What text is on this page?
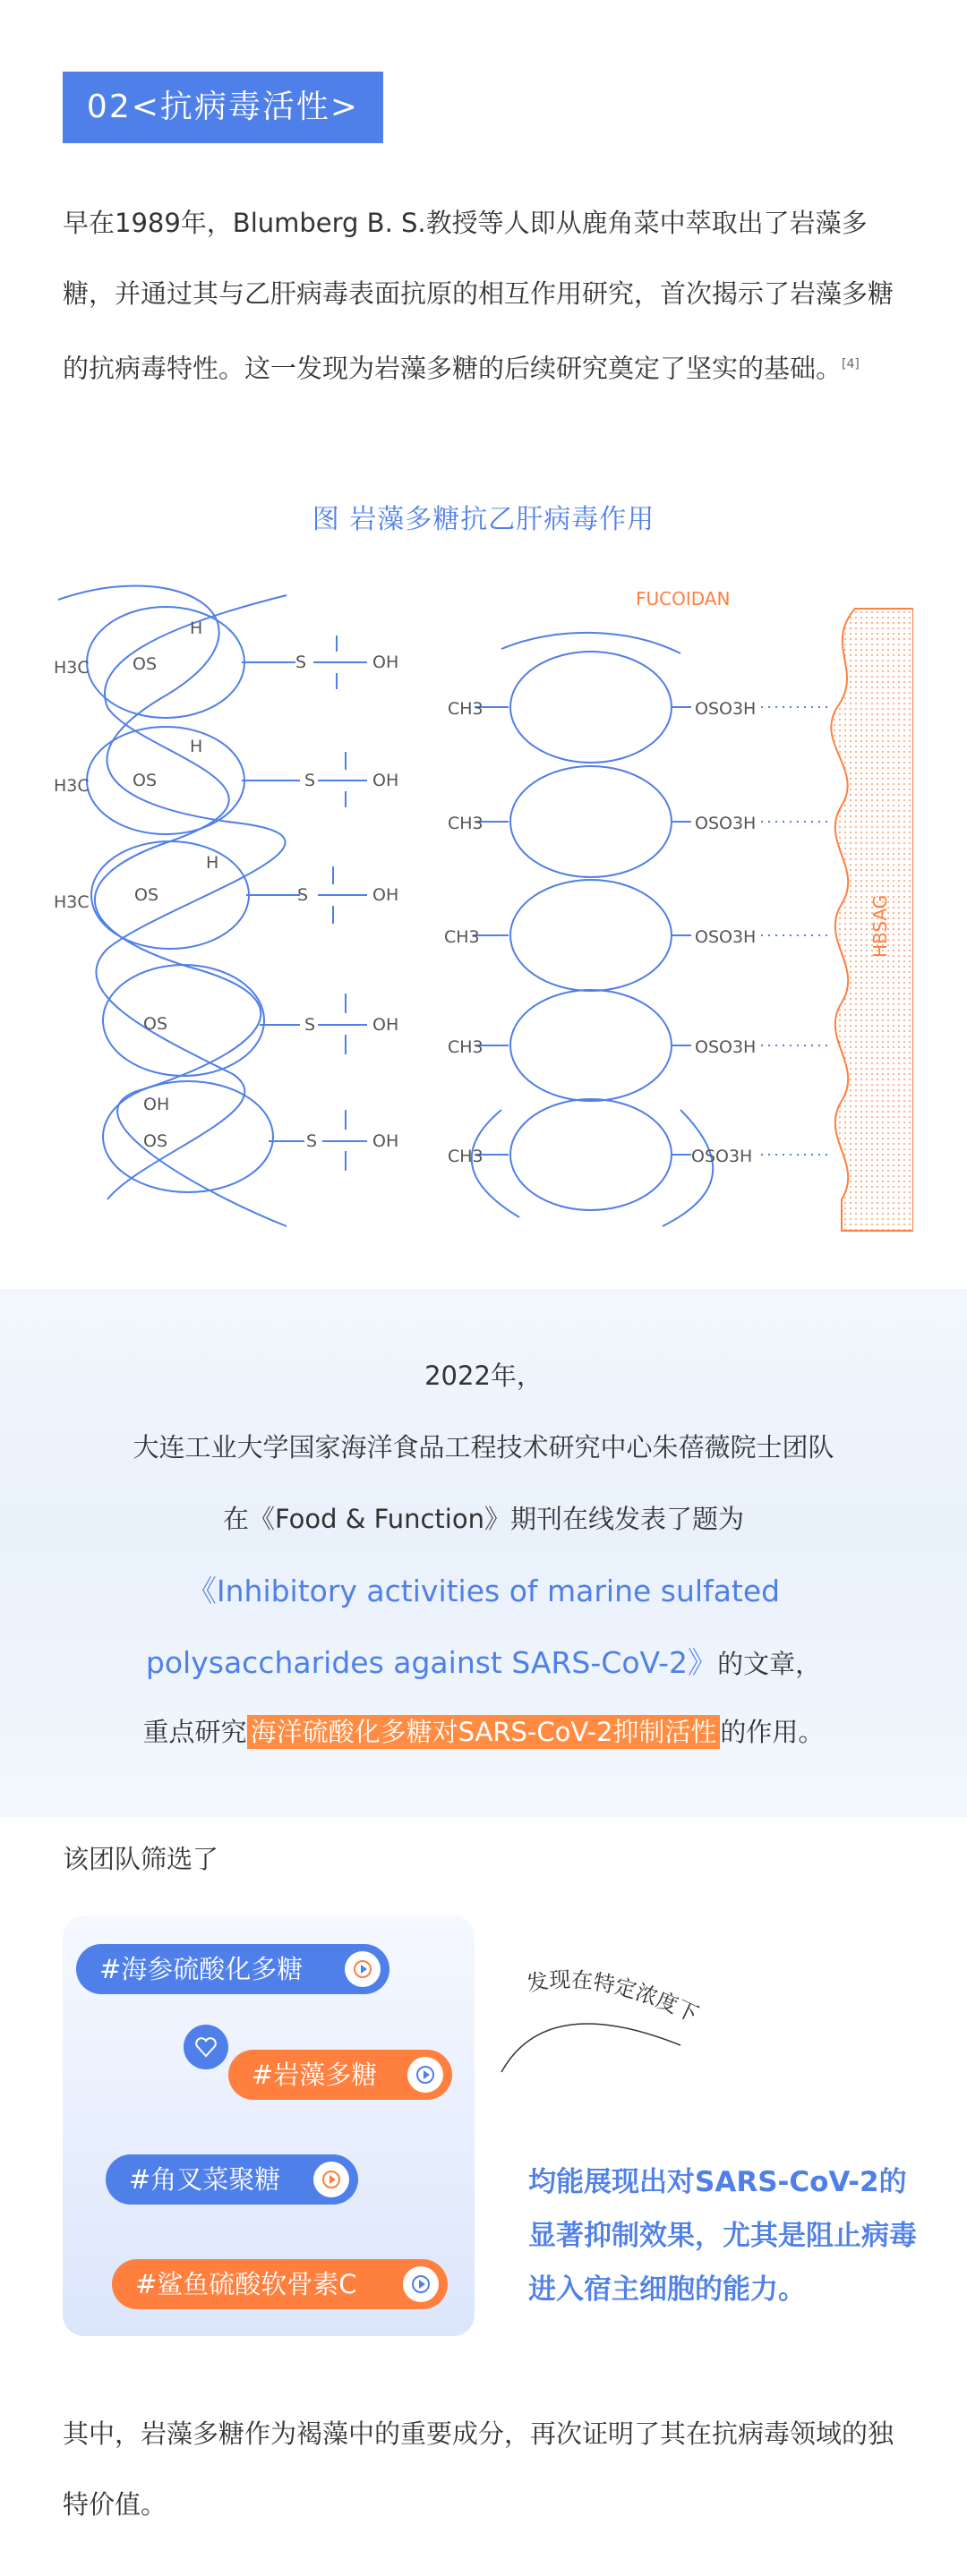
02<抗病毒活性>
早在1989年，Blumberg B. S.教授等人即从鹿角菜中萃取出了岩藻多糖，并通过其与乙肝病毒表面抗原的相互作用研究，首次揭示了岩藻多糖的抗病毒特性。这一发现为岩藻多糖的后续研究奠定了坚实的基础。[4]
图 岩藻多糖抗乙肝病毒作用
H3C
H3C
H3C
S	OH
S	OH
S	OH
S	OH
S	OH
OS
OS
OS
OS
OS
H
H
H
OH
CH3
CH3
CH3
CH3
CH3
OSO3H
OSO3H
OSO3H
OSO3H
OSO3H
FUCOIDAN
HBSAG
2022年，
大连工业大学国家海洋食品工程技术研究中心朱蓓薇院士团队
在《Food & Function》期刊在线发表了题为
《Inhibitory activities of marine sulfated
polysaccharides against SARS-CoV-2》的文章，
重点研究 海洋硫酸化多糖对SARS-CoV-2抑制活性 的作用。
该团队筛选了
#海参硫酸化多糖
#岩藻多糖
#角叉菜聚糖
#鲨鱼硫酸软骨素C
发现在特定浓度下
均能展现出对SARS-CoV-2的显著抑制效果，尤其是阻止病毒进入宿主细胞的能力。
其中，岩藻多糖作为褐藻中的重要成分，再次证明了其在抗病毒领域的独特价值。
